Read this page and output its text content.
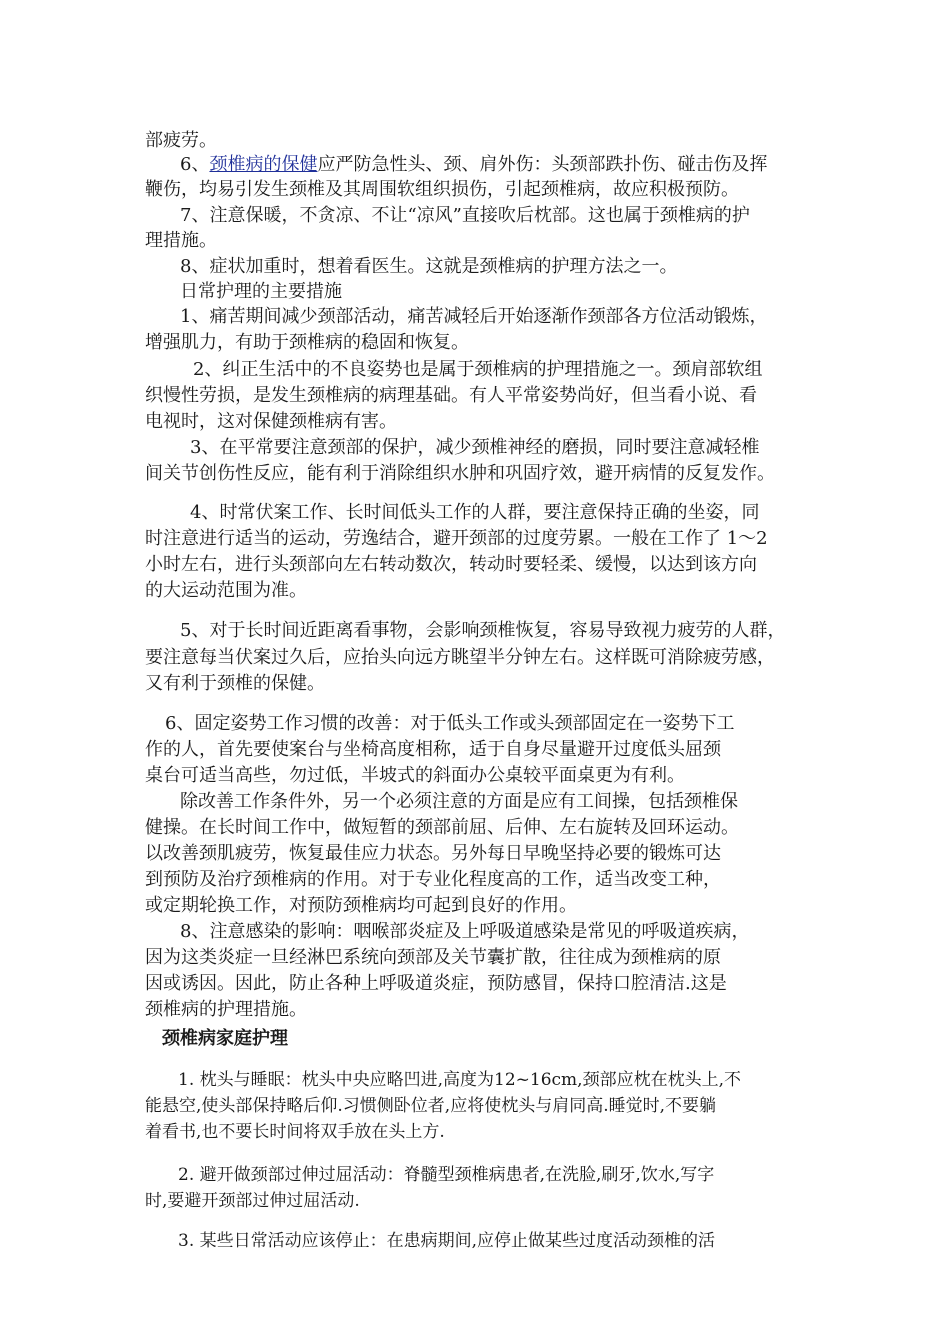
部疲劳。
6、颈椎病的保健应严防急性头、颈、肩外伤：头颈部跌扑伤、碰击伤及挥
鞭伤，均易引发生颈椎及其周围软组织损伤，引起颈椎病，故应积极预防。
7、注意保暖，不贪凉、不让“凉风”直接吹后枕部。这也属于颈椎病的护
理措施。
8、症状加重时，想着看医生。这就是颈椎病的护理方法之一。
日常护理的主要措施
1、痛苦期间减少颈部活动，痛苦减轻后开始逐渐作颈部各方位活动锻炼，
增强肌力，有助于颈椎病的稳固和恢复。
2、纠正生活中的不良姿势也是属于颈椎病的护理措施之一。颈肩部软组
织慢性劳损，是发生颈椎病的病理基础。有人平常姿势尚好，但当看小说、看
电视时，这对保健颈椎病有害。
3、在平常要注意颈部的保护，减少颈椎神经的磨损，同时要注意减轻椎
间关节创伤性反应，能有利于消除组织水肿和巩固疗效，避开病情的反复发作。
4、时常伏案工作、长时间低头工作的人群，要注意保持正确的坐姿，同
时注意进行适当的运动，劳逸结合，避开颈部的过度劳累。一般在工作了 1～2
小时左右，进行头颈部向左右转动数次，转动时要轻柔、缓慢，以达到该方向
的大运动范围为准。
5、对于长时间近距离看事物，会影响颈椎恢复，容易导致视力疲劳的人群，
要注意每当伏案过久后，应抬头向远方眺望半分钟左右。这样既可消除疲劳感，
又有利于颈椎的保健。
6、固定姿势工作习惯的改善：对于低头工作或头颈部固定在一姿势下工
作的人，首先要使案台与坐椅高度相称，适于自身尽量避开过度低头屈颈
桌台可适当高些，勿过低，半坡式的斜面办公桌较平面桌更为有利。
除改善工作条件外，另一个必须注意的方面是应有工间操，包括颈椎保
健操。在长时间工作中，做短暂的颈部前屈、后伸、左右旋转及回环运动。
以改善颈肌疲劳，恢复最佳应力状态。另外每日早晚坚持必要的锻炼可达
到预防及治疗颈椎病的作用。对于专业化程度高的工作，适当改变工种，
或定期轮换工作，对预防颈椎病均可起到良好的作用。
8、注意感染的影响：咽喉部炎症及上呼吸道感染是常见的呼吸道疾病，
因为这类炎症一旦经淋巴系统向颈部及关节囊扩散，往往成为颈椎病的原
因或诱因。因此，防止各种上呼吸道炎症，预防感冒，保持口腔清洁.这是
颈椎病的护理措施。
颈椎病家庭护理
1. 枕头与睡眠：枕头中央应略凹进,高度为12~16cm,颈部应枕在枕头上,不
能悬空,使头部保持略后仰.习惯侧卧位者,应将使枕头与肩同高.睡觉时,不要躺
着看书,也不要长时间将双手放在头上方.
2. 避开做颈部过伸过屈活动：脊髓型颈椎病患者,在洗脸,刷牙,饮水,写字
时,要避开颈部过伸过屈活动.
3. 某些日常活动应该停止：在患病期间,应停止做某些过度活动颈椎的活
